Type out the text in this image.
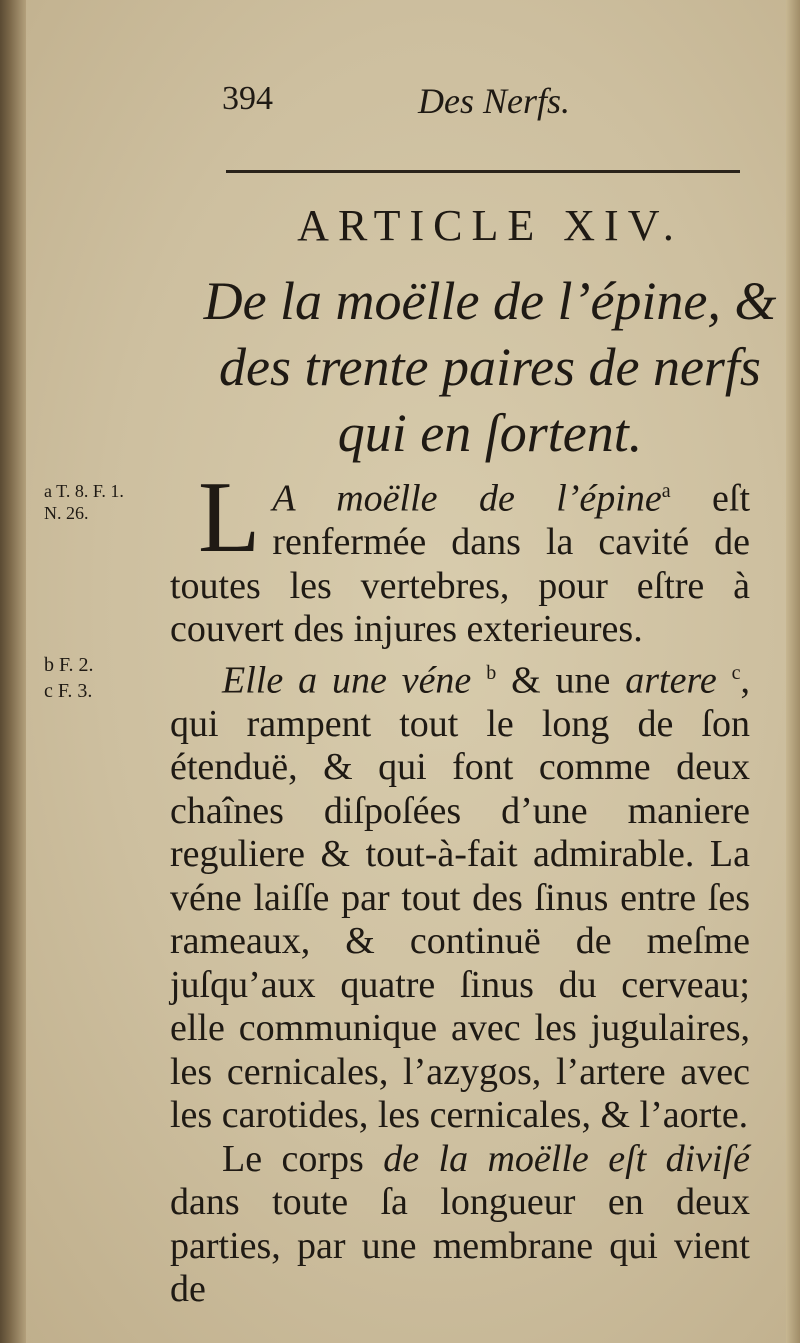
394	Des Nerfs.
ARTICLE XIV.
De la moëlle de l’épine, &
des trente paires de nerfs
qui en ſortent.
a T. 8. F. 1.
N. 26.
b F. 2.
c F. 3.

L A moëlle de l’épine$^a$ eſt renfermée dans la cavité de toutes les vertebres, pour eſtre à couvert des injures exterieures.

Elle a une véne $^b$ & une artere $^c$, qui rampent tout le long de ſon étenduë, & qui font comme deux chaînes diſpoſées d’une maniere reguliere & tout-à-fait admirable. La véne laiſſe par tout des ſinus entre ſes rameaux, & continuë de meſme juſqu’aux quatre ſinus du cerveau; elle communique avec les jugulaires, les cernicales, l’azygos, l’artere avec les carotides, les cernicales, & l’aorte.

Le corps de la moëlle eſt diviſé dans toute ſa longueur en deux parties, par une membrane qui vient de
